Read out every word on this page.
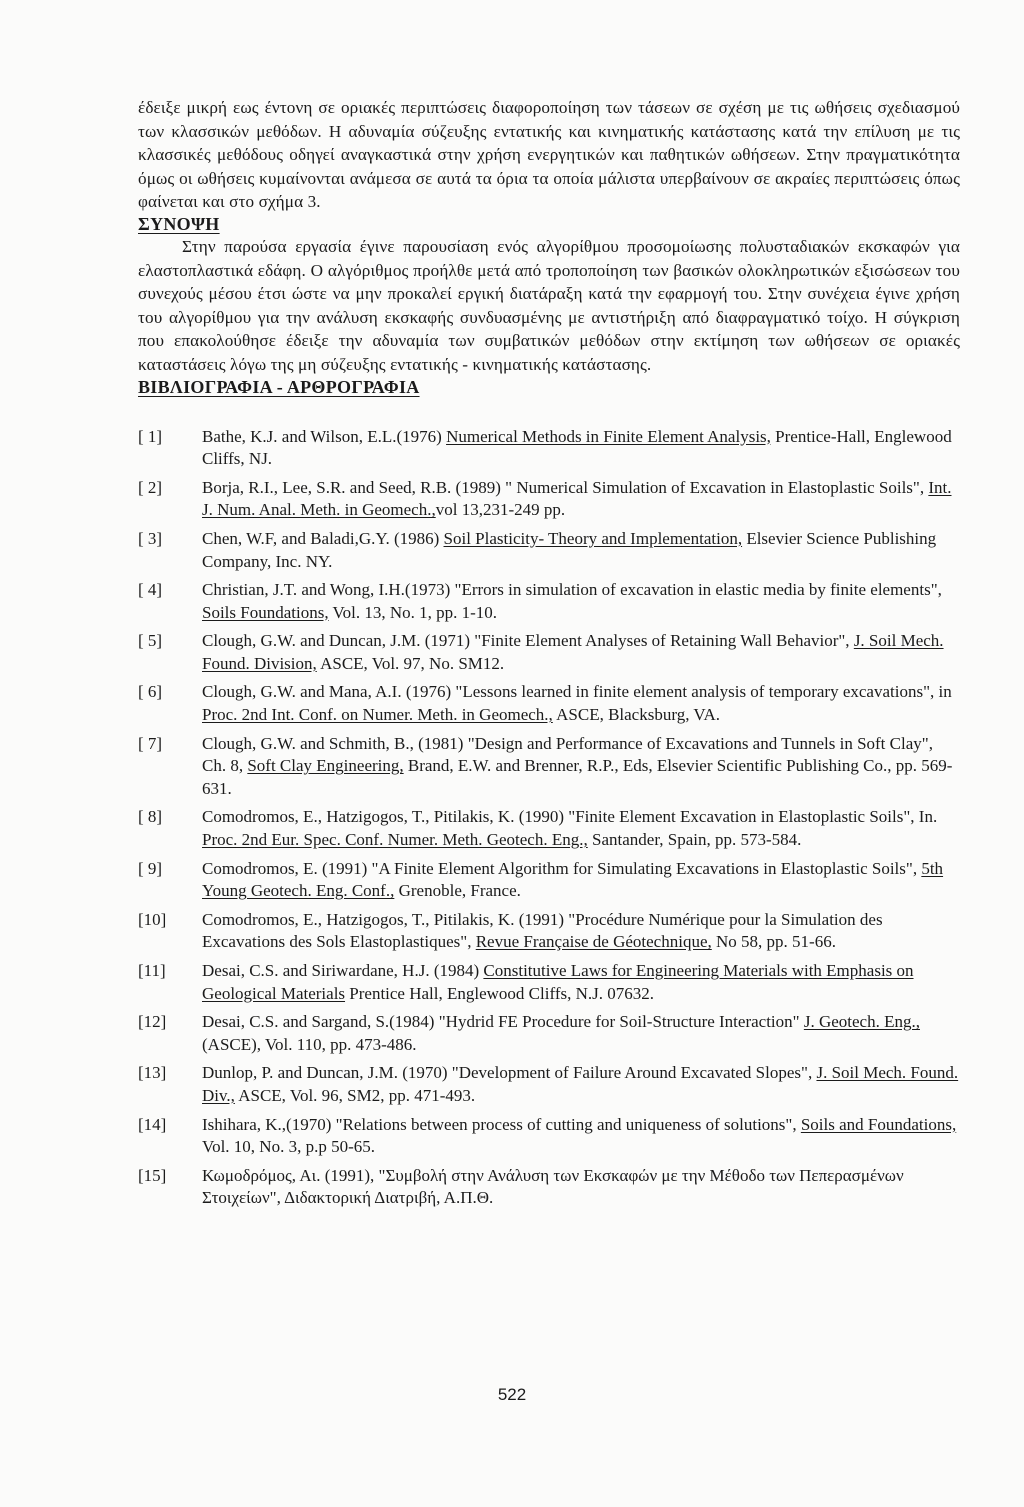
έδειξε μικρή εως έντονη σε οριακές περιπτώσεις διαφοροποίηση των τάσεων σε σχέση με τις ωθήσεις σχεδιασμού των κλασσικών μεθόδων. Η αδυναμία σύζευξης εντατικής και κινηματικής κατάστασης κατά την επίλυση με τις κλασσικές μεθόδους οδηγεί αναγκαστικά στην χρήση ενεργητικών και παθητικών ωθήσεων. Στην πραγματικότητα όμως οι ωθήσεις κυμαίνονται ανάμεσα σε αυτά τα όρια τα οποία μάλιστα υπερβαίνουν σε ακραίες περιπτώσεις όπως φαίνεται και στο σχήμα 3.

ΣΥΝΟΨΗ

Στην παρούσα εργασία έγινε παρουσίαση ενός αλγορίθμου προσομοίωσης πολυσταδιακών εκσκαφών για ελαστοπλαστικά εδάφη. Ο αλγόριθμος προήλθε μετά από τροποποίηση των βασικών ολοκληρωτικών εξισώσεων του συνεχούς μέσου έτσι ώστε να μην προκαλεί εργική διατάραξη κατά την εφαρμογή του. Στην συνέχεια έγινε χρήση του αλγορίθμου για την ανάλυση εκσκαφής συνδυασμένης με αντιστήριξη από διαφραγματικό τοίχο. Η σύγκριση που επακολούθησε έδειξε την αδυναμία των συμβατικών μεθόδων στην εκτίμηση των ωθήσεων σε οριακές καταστάσεις λόγω της μη σύζευξης εντατικής - κινηματικής κατάστασης.

ΒΙΒΛΙΟΓΡΑΦΙΑ - ΑΡΘΡΟΓΡΑΦΙΑ
[ 1]	Bathe, K.J. and Wilson, E.L.(1976) Numerical Methods in Finite Element Analysis, Prentice-Hall, Englewood Cliffs, NJ.
[ 2]	Borja, R.I., Lee, S.R. and Seed, R.B. (1989) " Numerical Simulation of Excavation in Elastoplastic Soils", Int. J. Num. Anal. Meth. in Geomech.,vol 13,231-249 pp.
[ 3]	Chen, W.F, and Baladi,G.Y. (1986) Soil Plasticity- Theory and Implementation, Elsevier Science Publishing Company, Inc. NY.
[ 4]	Christian, J.T. and Wong, I.H.(1973) "Errors in simulation of excavation in elastic media by finite elements", Soils Foundations, Vol. 13, No. 1, pp. 1-10.
[ 5]	Clough, G.W. and Duncan, J.M. (1971) "Finite Element Analyses of Retaining Wall Behavior", J. Soil Mech. Found. Division, ASCE, Vol. 97, No. SM12.
[ 6]	Clough, G.W. and Mana, A.I. (1976) "Lessons learned in finite element analysis of temporary excavations", in Proc. 2nd Int. Conf. on Numer. Meth. in Geomech., ASCE, Blacksburg, VA.
[ 7]	Clough, G.W. and Schmith, B., (1981) "Design and Performance of Excavations and Tunnels in Soft Clay", Ch. 8, Soft Clay Engineering, Brand, E.W. and Brenner, R.P., Eds, Elsevier Scientific Publishing Co., pp. 569-631.
[ 8]	Comodromos, E., Hatzigogos, T., Pitilakis, K. (1990) "Finite Element Excavation in Elastoplastic Soils", In. Proc. 2nd Eur. Spec. Conf. Numer. Meth. Geotech. Eng., Santander, Spain, pp. 573-584.
[ 9]	Comodromos, E. (1991) "A Finite Element Algorithm for Simulating Excavations in Elastoplastic Soils", 5th Young Geotech. Eng. Conf., Grenoble, France.
[10]	Comodromos, E., Hatzigogos, T., Pitilakis, K. (1991) "Procédure Numérique pour la Simulation des Excavations des Sols Elastoplastiques", Revue Française de Géotechnique, No 58, pp. 51-66.
[11]	Desai, C.S. and Siriwardane, H.J. (1984) Constitutive Laws for Engineering Materials with Emphasis on Geological Materials Prentice Hall, Englewood Cliffs, N.J. 07632.
[12]	Desai, C.S. and Sargand, S.(1984) "Hydrid FE Procedure for Soil-Structure Interaction" J. Geotech. Eng., (ASCE), Vol. 110, pp. 473-486.
[13]	Dunlop, P. and Duncan, J.M. (1970) "Development of Failure Around Excavated Slopes", J. Soil Mech. Found. Div., ASCE, Vol. 96, SM2, pp. 471-493.
[14]	Ishihara, K.,(1970) "Relations between process of cutting and uniqueness of solutions", Soils and Foundations, Vol. 10, No. 3, p.p 50-65.
[15]	Κωμοδρόμος, Αι. (1991), "Συμβολή στην Ανάλυση των Εκσκαφών με την Μέθοδο των Πεπερασμένων Στοιχείων", Διδακτορική Διατριβή, Α.Π.Θ.
522
